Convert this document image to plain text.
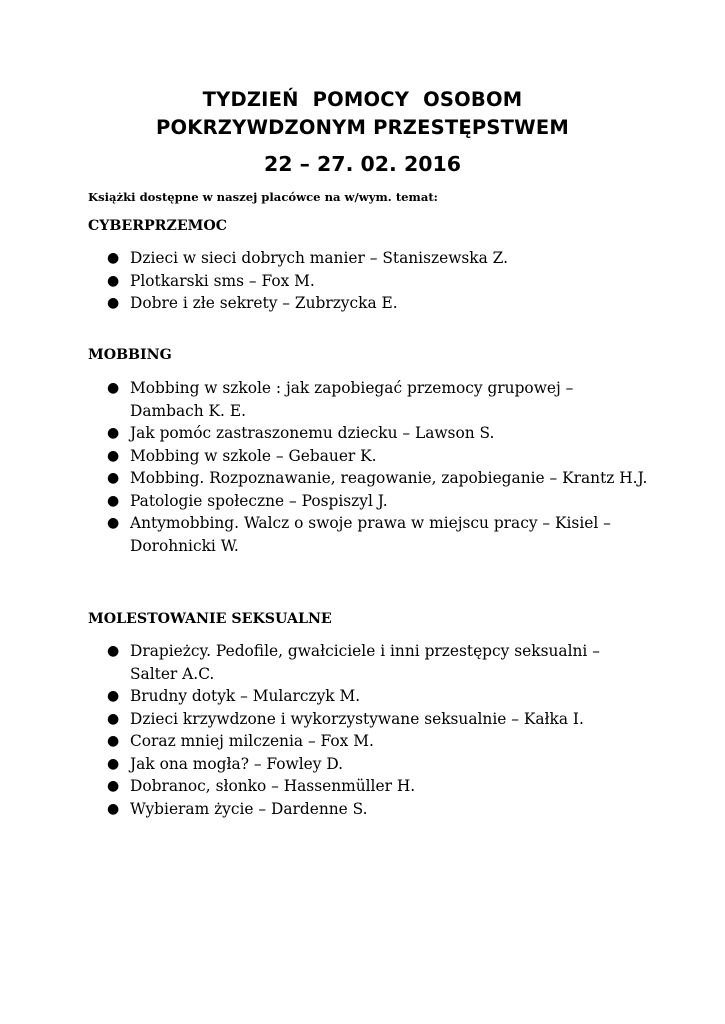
TYDZIEŃ  POMOCY  OSOBOM
POKRZYWDZONYM PRZESTĘPSTWEM
22 – 27. 02. 2016
Książki dostępne w naszej placówce na w/wym. temat:
CYBERPRZEMOC
● Dzieci w sieci dobrych manier – Staniszewska Z.
● Plotkarski sms – Fox M.
● Dobre i złe sekrety – Zubrzycka E.
MOBBING
● Mobbing w szkole : jak zapobiegać przemocy grupowej – Dambach K. E.
● Jak pomóc zastraszonemu dziecku – Lawson S.
● Mobbing w szkole – Gebauer K.
● Mobbing. Rozpoznawanie, reagowanie, zapobieganie – Krantz H.J.
● Patologie społeczne – Pospiszyl J.
● Antymobbing. Walcz o swoje prawa w miejscu pracy – Kisiel – Dorohnicki W.
MOLESTOWANIE SEKSUALNE
● Drapieżcy. Pedofile, gwałciciele i inni przestępcy seksualni – Salter A.C.
● Brudny dotyk – Mularczyk M.
● Dzieci krzywdzone i wykorzystywane seksualnie – Kałka I.
● Coraz mniej milczenia – Fox M.
● Jak ona mogła? – Fowley D.
● Dobranoc, słonko – Hassenmüller H.
● Wybieram życie – Dardenne S.
